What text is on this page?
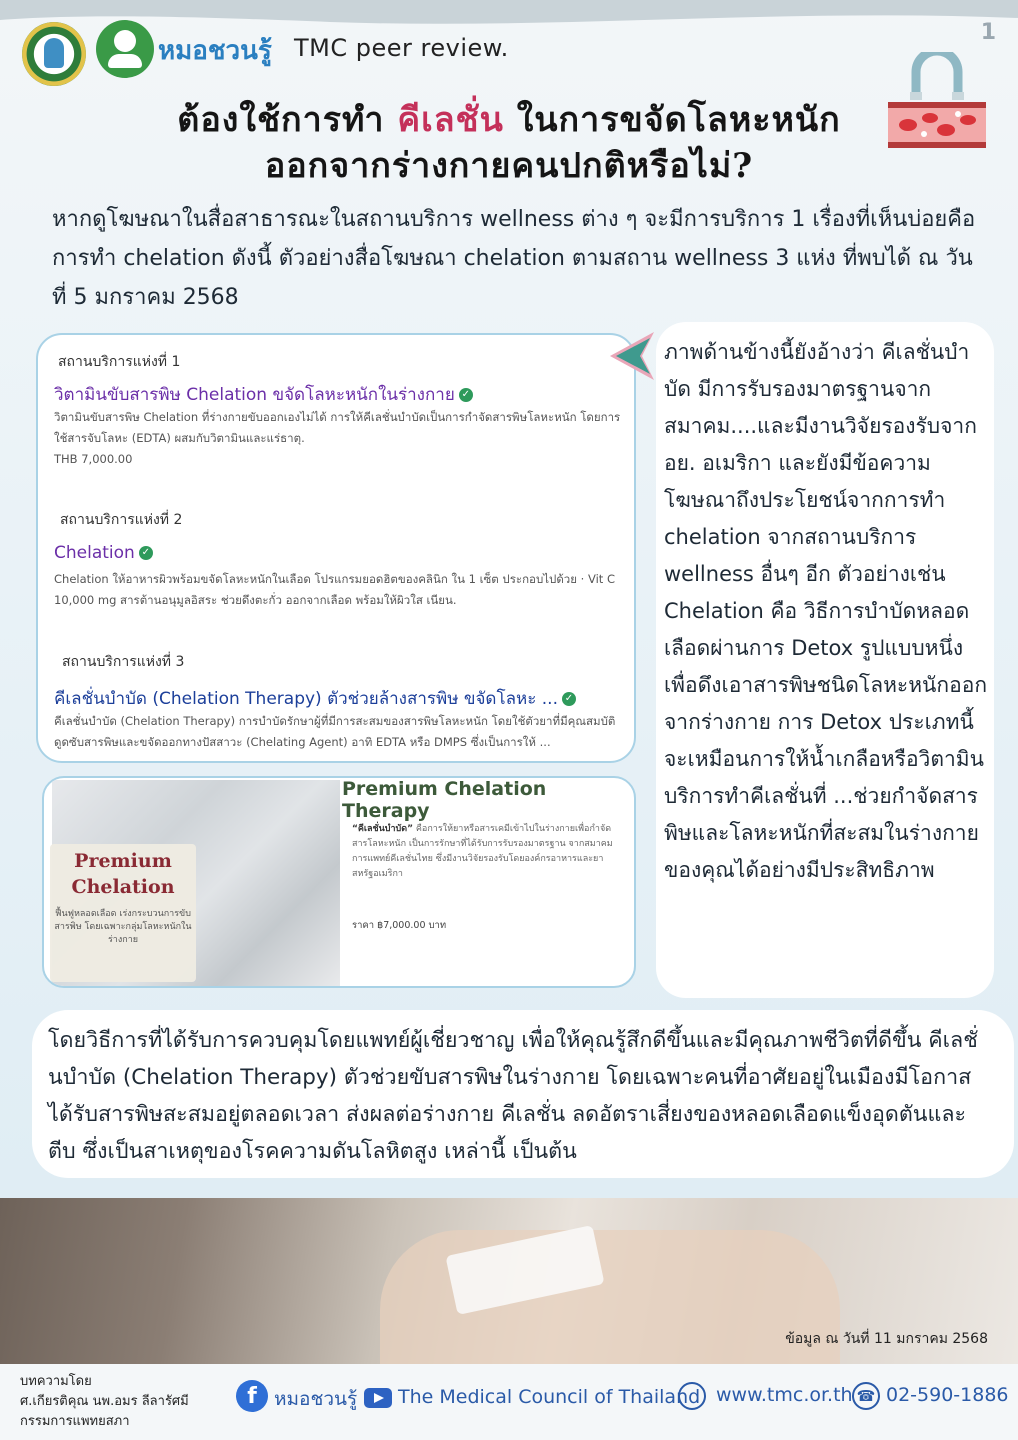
1
หมอชวนรู้ TMC peer review.
ต้องใช้การทำ คีเลชั่น ในการขจัดโลหะหนัก
ออกจากร่างกายคนปกติหรือไม่?
หากดูโฆษณาในสื่อสาธารณะในสถานบริการ wellness ต่าง ๆ จะมีการบริการ 1 เรื่องที่เห็นบ่อยคือ การทำ chelation ดังนี้ ตัวอย่างสื่อโฆษณา chelation ตามสถาน wellness 3 แห่ง ที่พบได้ ณ วันที่ 5 มกราคม 2568
สถานบริการแห่งที่ 1
วิตามินขับสารพิษ Chelation ขจัดโลหะหนักในร่างกาย ✓
วิตามินขับสารพิษ Chelation ที่ร่างกายขับออกเองไม่ได้ การให้คีเลชั่นบำบัดเป็นการกำจัดสารพิษโลหะหนัก โดยการใช้สารจับโลหะ (EDTA) ผสมกับวิตามินและแร่ธาตุ.
THB 7,000.00
สถานบริการแห่งที่ 2
Chelation ✓
Chelation ให้อาหารผิวพร้อมขจัดโลหะหนักในเลือด โปรแกรมยอดฮิตของคลินิก ใน 1 เซ็ต ประกอบไปด้วย · Vit C 10,000 mg สารต้านอนุมูลอิสระ ช่วยดึงตะกั่ว ออกจากเลือด พร้อมให้ผิวใส เนียน.
สถานบริการแห่งที่ 3
คีเลชั่นบำบัด (Chelation Therapy) ตัวช่วยล้างสารพิษ ขจัดโลหะ ... ✓
คีเลชั่นบำบัด (Chelation Therapy) การบำบัดรักษาผู้ที่มีการสะสมของสารพิษโลหะหนัก โดยใช้ตัวยาที่มีคุณสมบัติดูดซับสารพิษและขจัดออกทางปัสสาวะ (Chelating Agent) อาทิ EDTA หรือ DMPS ซึ่งเป็นการให้ ...
Premium Chelation
ฟื้นฟูหลอดเลือด เร่งกระบวนการขับสารพิษ โดยเฉพาะกลุ่มโลหะหนักในร่างกาย
Premium Chelation Therapy
“คีเลชั่นบำบัด” คือการให้ยาหรือสารเคมีเข้าไปในร่างกายเพื่อกำจัดสารโลหะหนัก เป็นการรักษาที่ได้รับการรับรองมาตรฐาน จากสมาคมการแพทย์คีเลชั่นไทย ซึ่งมีงานวิจัยรองรับโดยองค์กรอาหารและยาสหรัฐอเมริกา
ราคา ฿7,000.00 บาท
ภาพด้านข้างนี้ยังอ้างว่า คีเลชั่นบำบัด มีการรับรองมาตรฐานจากสมาคม....และมีงานวิจัยรองรับจาก อย. อเมริกา และยังมีข้อความโฆษณาถึงประโยชน์จากการทำ chelation จากสถานบริการ wellness อื่นๆ อีก ตัวอย่างเช่น Chelation คือ วิธีการบำบัดหลอดเลือดผ่านการ Detox รูปแบบหนึ่ง เพื่อดึงเอาสารพิษชนิดโลหะหนักออกจากร่างกาย การ Detox ประเภทนี้จะเหมือนการให้น้ำเกลือหรือวิตามิน บริการทำคีเลชั่นที่ ...ช่วยกำจัดสารพิษและโลหะหนักที่สะสมในร่างกายของคุณได้อย่างมีประสิทธิภาพ
โดยวิธีการที่ได้รับการควบคุมโดยแพทย์ผู้เชี่ยวชาญ เพื่อให้คุณรู้สึกดีขึ้นและมีคุณภาพชีวิตที่ดีขึ้น คีเลชั่นบำบัด (Chelation Therapy) ตัวช่วยขับสารพิษในร่างกาย โดยเฉพาะคนที่อาศัยอยู่ในเมืองมีโอกาสได้รับสารพิษสะสมอยู่ตลอดเวลา ส่งผลต่อร่างกาย คีเลชั่น ลดอัตราเสี่ยงของหลอดเลือดแข็งอุดตันและตีบ ซึ่งเป็นสาเหตุของโรคความดันโลหิตสูง เหล่านี้ เป็นต้น
ข้อมูล ณ วันที่ 11 มกราคม 2568
บทความโดย
ศ.เกียรติคุณ นพ.อมร ลีลารัศมี
กรรมการแพทยสภา
f หมอชวนรู้ The Medical Council of Thailand www.tmc.or.th ☎ 02-590-1886
